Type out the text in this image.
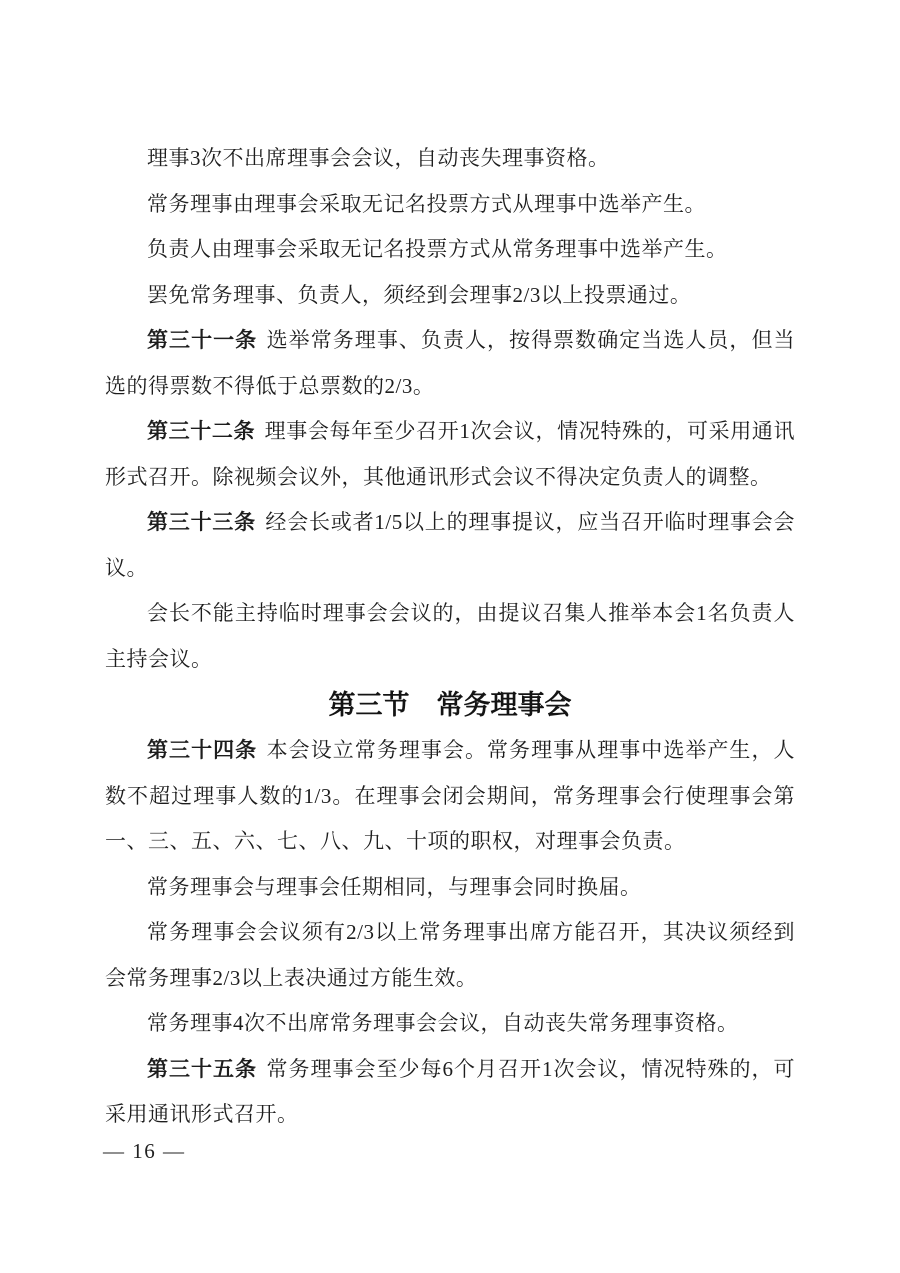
理事3次不出席理事会会议，自动丧失理事资格。

常务理事由理事会采取无记名投票方式从理事中选举产生。

负责人由理事会采取无记名投票方式从常务理事中选举产生。

罢免常务理事、负责人，须经到会理事2/3以上投票通过。

第三十一条 选举常务理事、负责人，按得票数确定当选人员，但当选的得票数不得低于总票数的2/3。

第三十二条 理事会每年至少召开1次会议，情况特殊的，可采用通讯形式召开。除视频会议外，其他通讯形式会议不得决定负责人的调整。

第三十三条 经会长或者1/5以上的理事提议，应当召开临时理事会会议。

会长不能主持临时理事会会议的，由提议召集人推举本会1名负责人主持会议。

第三节　常务理事会

第三十四条 本会设立常务理事会。常务理事从理事中选举产生，人数不超过理事人数的1/3。在理事会闭会期间，常务理事会行使理事会第一、三、五、六、七、八、九、十项的职权，对理事会负责。

常务理事会与理事会任期相同，与理事会同时换届。

常务理事会会议须有2/3以上常务理事出席方能召开，其决议须经到会常务理事2/3以上表决通过方能生效。

常务理事4次不出席常务理事会会议，自动丧失常务理事资格。

第三十五条 常务理事会至少每6个月召开1次会议，情况特殊的，可采用通讯形式召开。

— 16 —
